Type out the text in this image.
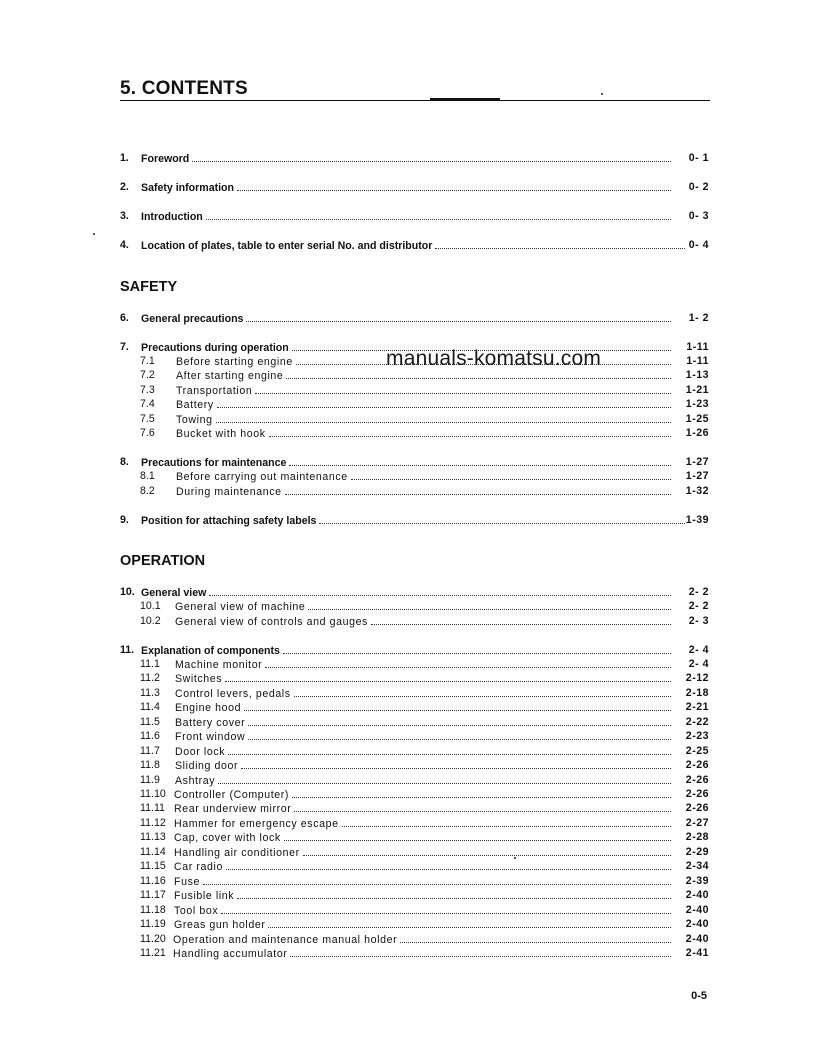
5. CONTENTS
1. Foreword	0- 1
2. Safety information	0- 2
3. Introduction	0- 3
4. Location of plates, table to enter serial No. and distributor	0- 4
SAFETY
6. General precautions	1- 2
7. Precautions during operation	1-11
7.1 Before starting engine	1-11
7.2 After starting engine	1-13
7.3 Transportation	1-21
7.4 Battery	1-23
7.5 Towing	1-25
7.6 Bucket with hook	1-26
8. Precautions for maintenance	1-27
8.1 Before carrying out maintenance	1-27
8.2 During maintenance	1-32
9. Position for attaching safety labels	1-39
OPERATION
10. General view	2- 2
10.1 General view of machine	2- 2
10.2 General view of controls and gauges	2- 3
11. Explanation of components	2- 4
11.1 Machine monitor	2- 4
11.2 Switches	2-12
11.3 Control levers, pedals	2-18
11.4 Engine hood	2-21
11.5 Battery cover	2-22
11.6 Front window	2-23
11.7 Door lock	2-25
11.8 Sliding door	2-26
11.9 Ashtray	2-26
11.10 Controller (Computer)	2-26
11.11 Rear underview mirror	2-26
11.12 Hammer for emergency escape	2-27
11.13 Cap, cover with lock	2-28
11.14 Handling air conditioner	2-29
11.15 Car radio	2-34
11.16 Fuse	2-39
11.17 Fusible link	2-40
11.18 Tool box	2-40
11.19 Greas gun holder	2-40
11.20 Operation and maintenance manual holder	2-40
11.21 Handling accumulator	2-41
manuals-komatsu.com
0-5
